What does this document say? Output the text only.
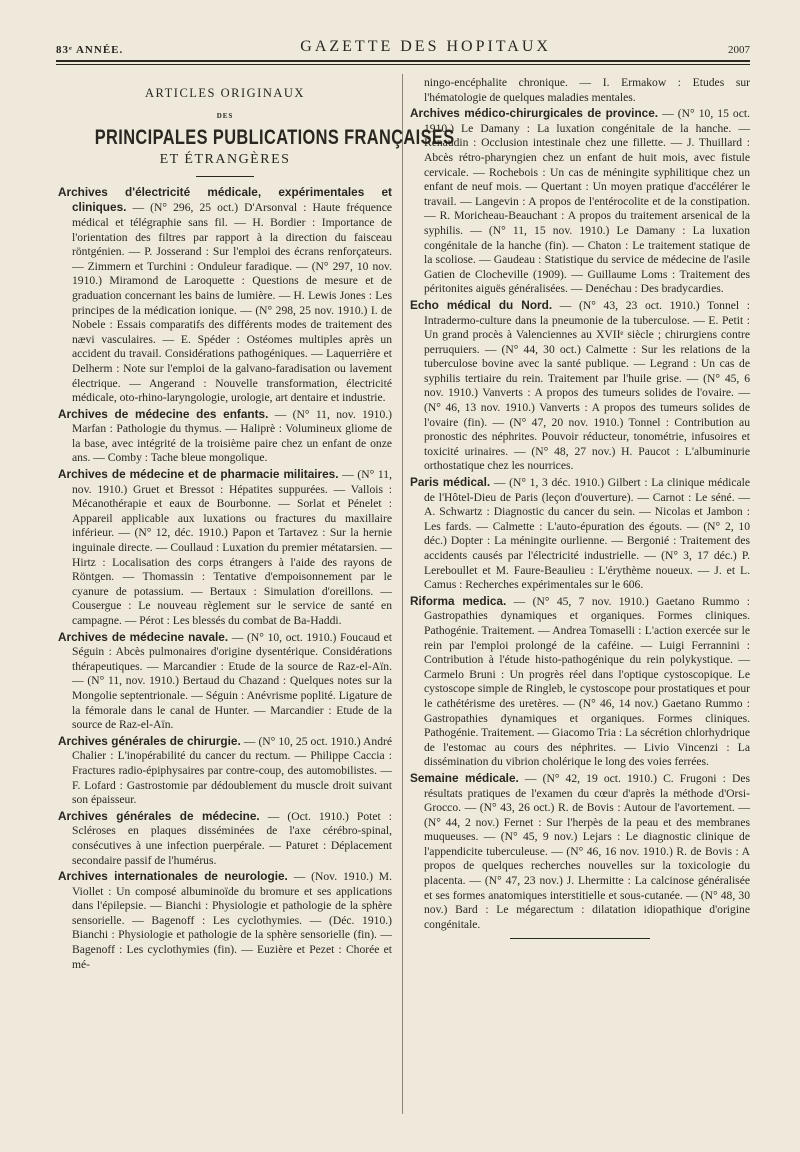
83ᵉ ANNÉE.	GAZETTE DES HOPITAUX	2007
ARTICLES ORIGINAUX
DES
PRINCIPALES PUBLICATIONS FRANÇAISES
ET ÉTRANGÈRES
Archives d'électricité médicale, expérimentales et cliniques. — (N° 296, 25 oct.) D'Arsonval : Haute fréquence médical et télégraphie sans fil. — H. Bordier : Importance de l'orientation des filtres par rapport à la direction du faisceau röntgénien. — P. Josserand : Sur l'emploi des écrans renforçateurs. — Zimmern et Turchini : Onduleur faradique. — (N° 297, 10 nov. 1910.) Miramond de Laroquette : Questions de mesure et de graduation concernant les bains de lumière. — H. Lewis Jones : Les principes de la médication ionique. — (N° 298, 25 nov. 1910.) I. de Nobele : Essais comparatifs des différents modes de traitement des nævi vasculaires. — E. Spéder : Ostéomes multiples après un accident du travail. Considérations pathogéniques. — Laquerrière et Delherm : Note sur l'emploi de la galvano-faradisation ou lavement électrique. — Angerand : Nouvelle transformation, électricité médicale, oto-rhino-laryngologie, urologie, art dentaire et industrie.
Archives de médecine des enfants. — (N° 11, nov. 1910.) Marfan : Pathologie du thymus. — Haliprè : Volumineux gliome de la base, avec intégrité de la troisième paire chez un enfant de onze ans. — Comby : Tache bleue mongolique.
Archives de médecine et de pharmacie militaires. — (N° 11, nov. 1910.) Gruet et Bressot : Hépatites suppurées. — Vallois : Mécanothérapie et eaux de Bourbonne. — Sorlat et Pénelet : Appareil applicable aux luxations ou fractures du maxillaire inférieur. — (N° 12, déc. 1910.) Papon et Tartavez : Sur la hernie inguinale directe. — Coullaud : Luxation du premier métatarsien. — Hirtz : Localisation des corps étrangers à l'aide des rayons de Röntgen. — Thomassin : Tentative d'empoisonnement par le cyanure de potassium. — Bertaux : Simulation d'oreillons. — Cousergue : Le nouveau règlement sur le service de santé en campagne. — Pérot : Les blessés du combat de Ba-Haddi.
Archives de médecine navale. — (N° 10, oct. 1910.) Foucaud et Séguin : Abcès pulmonaires d'origine dysentérique. Considérations thérapeutiques. — Marcandier : Etude de la source de Raz-el-Aïn. — (N° 11, nov. 1910.) Bertaud du Chazand : Quelques notes sur la Mongolie septentrionale. — Séguin : Anévrisme poplité. Ligature de la fémorale dans le canal de Hunter. — Marcandier : Etude de la source de Raz-el-Aïn.
Archives générales de chirurgie. — (N° 10, 25 oct. 1910.) André Chalier : L'inopérabilité du cancer du rectum. — Philippe Caccia : Fractures radio-épiphysaires par contre-coup, des automobilistes. — F. Lofard : Gastrostomie par dédoublement du muscle droit suivant son épaisseur.
Archives générales de médecine. — (Oct. 1910.) Potet : Scléroses en plaques disséminées de l'axe cérébro-spinal, consécutives à une infection puerpérale. — Paturet : Déplacement secondaire passif de l'humérus.
Archives internationales de neurologie. — (Nov. 1910.) M. Viollet : Un composé albuminoïde du bromure et ses applications dans l'épilepsie. — Bianchi : Physiologie et pathologie de la sphère sensorielle. — Bagenoff : Les cyclothymies. — (Déc. 1910.) Bianchi : Physiologie et pathologie de la sphère sensorielle (fin). — Bagenoff : Les cyclothymies (fin). — Euzière et Pezet : Chorée et mé-
ningo-encéphalite chronique. — I. Ermakow : Etudes sur l'hématologie de quelques maladies mentales.
Archives médico-chirurgicales de province. — (N° 10, 15 oct. 1910.) Le Damany : La luxation congénitale de la hanche. — Renaudin : Occlusion intestinale chez une fillette. — J. Thuillard : Abcès rétro-pharyngien chez un enfant de huit mois, avec fistule cervicale. — Rochebois : Un cas de méningite syphilitique chez un enfant de neuf mois. — Quertant : Un moyen pratique d'accélérer le travail. — Langevin : A propos de l'entérocolite et de la constipation. — R. Moricheau-Beauchant : A propos du traitement arsenical de la syphilis. — (N° 11, 15 nov. 1910.) Le Damany : La luxation congénitale de la hanche (fin). — Chaton : Le traitement statique de la scoliose. — Gaudeau : Statistique du service de médecine de l'asile Gatien de Clocheville (1909). — Guillaume Loms : Traitement des péritonites aiguës généralisées. — Denéchau : Des bradycardies.
Echo médical du Nord. — (N° 43, 23 oct. 1910.) Tonnel : Intradermo-culture dans la pneumonie de la tuberculose. — E. Petit : Un grand procès à Valenciennes au XVIIᵉ siècle ; chirurgiens contre perruquiers. — (N° 44, 30 oct.) Calmette : Sur les relations de la tuberculose bovine avec la santé publique. — Legrand : Un cas de syphilis tertiaire du rein. Traitement par l'huile grise. — (N° 45, 6 nov. 1910.) Vanverts : A propos des tumeurs solides de l'ovaire. — (N° 46, 13 nov. 1910.) Vanverts : A propos des tumeurs solides de l'ovaire (fin). — (N° 47, 20 nov. 1910.) Tonnel : Contribution au pronostic des néphrites. Pouvoir réducteur, tonométrie, infusoires et toxicité urinaires. — (N° 48, 27 nov.) H. Paucot : L'albuminurie orthostatique chez les nourrices.
Paris médical. — (N° 1, 3 déc. 1910.) Gilbert : La clinique médicale de l'Hôtel-Dieu de Paris (leçon d'ouverture). — Carnot : Le séné. — A. Schwartz : Diagnostic du cancer du sein. — Nicolas et Jambon : Les fards. — Calmette : L'auto-épuration des égouts. — (N° 2, 10 déc.) Dopter : La méningite ourlienne. — Bergonié : Traitement des accidents causés par l'électricité industrielle. — (N° 3, 17 déc.) P. Lereboullet et M. Faure-Beaulieu : L'érythème noueux. — J. et L. Camus : Recherches expérimentales sur le 606.
Riforma medica. — (N° 45, 7 nov. 1910.) Gaetano Rummo : Gastropathies dynamiques et organiques. Formes cliniques. Pathogénie. Traitement. — Andrea Tomaselli : L'action exercée sur le rein par l'emploi prolongé de la caféine. — Luigi Ferrannini : Contribution à l'étude histo-pathogénique du rein polykystique. — Carmelo Bruni : Un progrès réel dans l'optique cystoscopique. Le cystoscope simple de Ringleb, le cystoscope pour prostatiques et pour le cathétérisme des uretères. — (N° 46, 14 nov.) Gaetano Rummo : Gastropathies dynamiques et organiques. Formes cliniques. Pathogénie. Traitement. — Giacomo Tria : La sécrétion chlorhydrique de l'estomac au cours des néphrites. — Livio Vincenzi : La dissémination du vibrion cholérique le long des voies ferrées.
Semaine médicale. — (N° 42, 19 oct. 1910.) C. Frugoni : Des résultats pratiques de l'examen du cœur d'après la méthode d'Orsi-Grocco. — (N° 43, 26 oct.) R. de Bovis : Autour de l'avortement. — (N° 44, 2 nov.) Fernet : Sur l'herpès de la peau et des membranes muqueuses. — (N° 45, 9 nov.) Lejars : Le diagnostic clinique de l'appendicite tuberculeuse. — (N° 46, 16 nov. 1910.) R. de Bovis : A propos de quelques recherches nouvelles sur la toxicologie du placenta. — (N° 47, 23 nov.) J. Lhermitte : La calcinose généralisée et ses formes anatomiques interstitielle et sous-cutanée. — (N° 48, 30 nov.) Bard : Le mégarectum : dilatation idiopathique d'origine congénitale.
